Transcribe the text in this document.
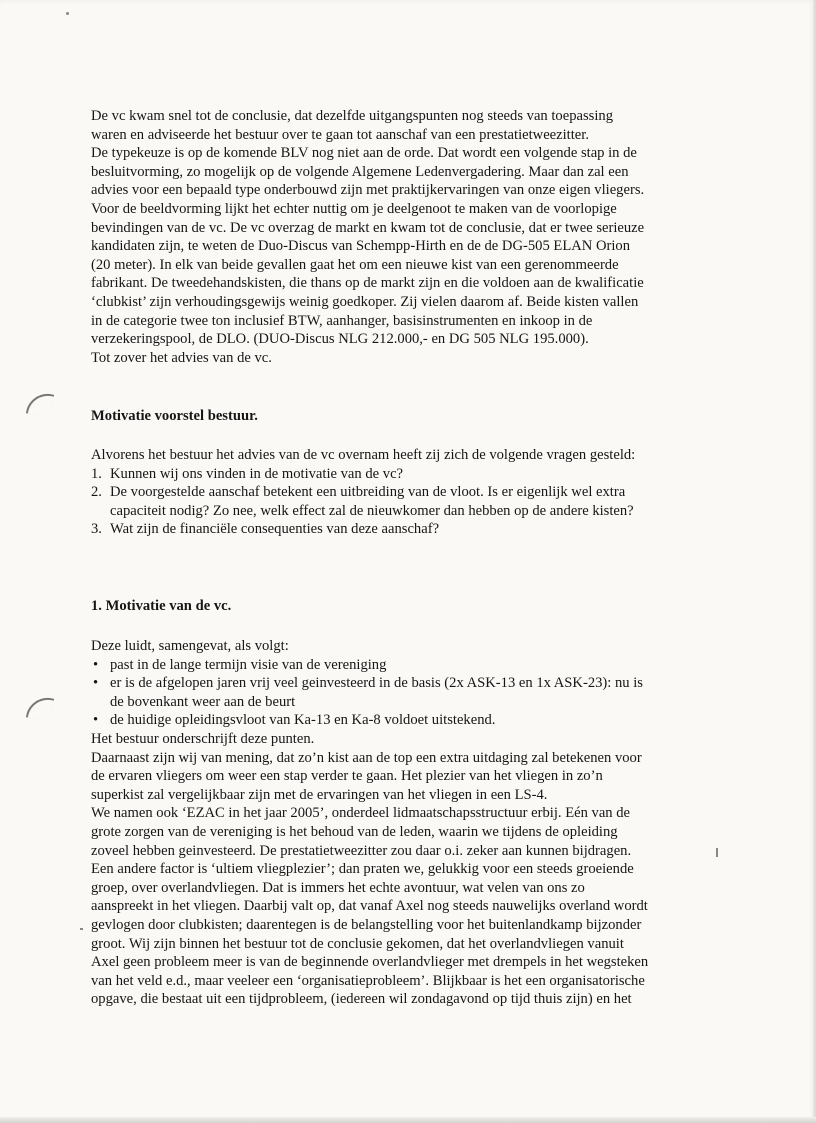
De vc kwam snel tot de conclusie, dat dezelfde uitgangspunten nog steeds van toepassing

waren en adviseerde het bestuur over te gaan tot aanschaf van een prestatietweezitter.

De typekeuze is op de komende BLV nog niet aan de orde. Dat wordt een volgende stap in de

besluitvorming, zo mogelijk op de volgende Algemene Ledenvergadering. Maar dan zal een

advies voor een bepaald type onderbouwd zijn met praktijkervaringen van onze eigen vliegers.

Voor de beeldvorming lijkt het echter nuttig om je deelgenoot te maken van de voorlopige

bevindingen van de vc. De vc overzag de markt en kwam tot de conclusie, dat er twee serieuze

kandidaten zijn, te weten de Duo-Discus van Schempp-Hirth en de de DG-505 ELAN Orion

(20 meter). In elk van beide gevallen gaat het om een nieuwe kist van een gerenommeerde

fabrikant. De tweedehandskisten, die thans op de markt zijn en die voldoen aan de kwalificatie

‘clubkist’ zijn verhoudingsgewijs weinig goedkoper. Zij vielen daarom af. Beide kisten vallen

in de categorie twee ton inclusief BTW, aanhanger, basisinstrumenten en inkoop in de

verzekeringspool, de DLO. (DUO-Discus NLG 212.000,- en DG 505 NLG 195.000).

Tot zover het advies van de vc.

Motivatie voorstel bestuur.

Alvorens het bestuur het advies van de vc overnam heeft zij zich de volgende vragen gesteld:

1. Kunnen wij ons vinden in de motivatie van de vc?

2. De voorgestelde aanschaf betekent een uitbreiding van de vloot. Is er eigenlijk wel extra

capaciteit nodig? Zo nee, welk effect zal de nieuwkomer dan hebben op de andere kisten?

3. Wat zijn de financiële consequenties van deze aanschaf?

1. Motivatie van de vc.

Deze luidt, samengevat, als volgt:

• past in de lange termijn visie van de vereniging

• er is de afgelopen jaren vrij veel geinvesteerd in de basis (2x ASK-13 en 1x ASK-23): nu is

de bovenkant weer aan de beurt

• de huidige opleidingsvloot van Ka-13 en Ka-8 voldoet uitstekend.

Het bestuur onderschrijft deze punten.

Daarnaast zijn wij van mening, dat zo’n kist aan de top een extra uitdaging zal betekenen voor

de ervaren vliegers om weer een stap verder te gaan. Het plezier van het vliegen in zo’n

superkist zal vergelijkbaar zijn met de ervaringen van het vliegen in een LS-4.

We namen ook ‘EZAC in het jaar 2005’, onderdeel lidmaatschapsstructuur erbij. Eén van de

grote zorgen van de vereniging is het behoud van de leden, waarin we tijdens de opleiding

zoveel hebben geinvesteerd. De prestatietweezitter zou daar o.i. zeker aan kunnen bijdragen.

Een andere factor is ‘ultiem vliegplezier’; dan praten we, gelukkig voor een steeds groeiende

groep, over overlandvliegen. Dat is immers het echte avontuur, wat velen van ons zo

aanspreekt in het vliegen. Daarbij valt op, dat vanaf Axel nog steeds nauwelijks overland wordt

gevlogen door clubkisten; daarentegen is de belangstelling voor het buitenlandkamp bijzonder

groot. Wij zijn binnen het bestuur tot de conclusie gekomen, dat het overlandvliegen vanuit

Axel geen probleem meer is van de beginnende overlandvlieger met drempels in het wegsteken

van het veld e.d., maar veeleer een ‘organisatieprobleem’. Blijkbaar is het een organisatorische

opgave, die bestaat uit een tijdprobleem, (iedereen wil zondagavond op tijd thuis zijn) en het
